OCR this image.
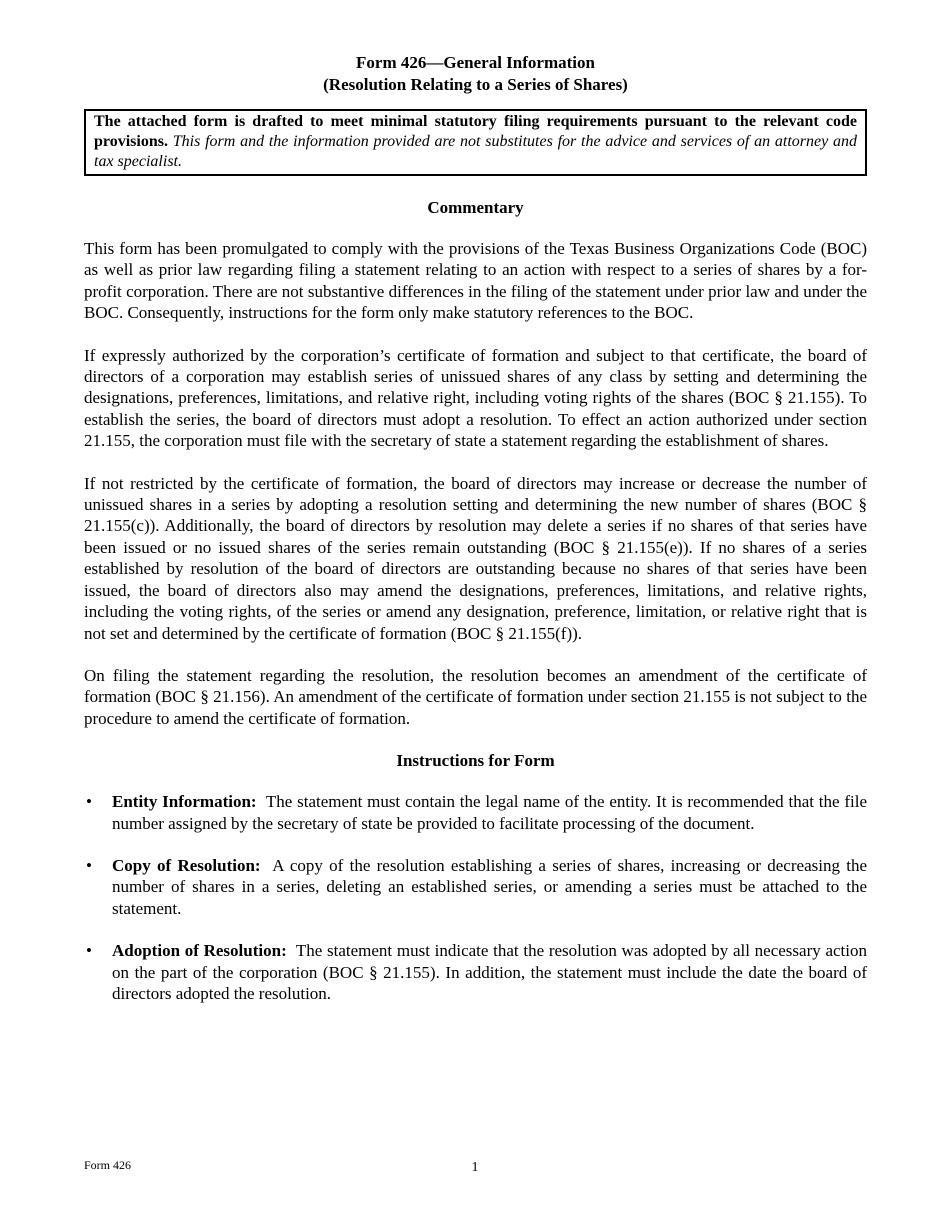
Form 426—General Information

(Resolution Relating to a Series of Shares)

The attached form is drafted to meet minimal statutory filing requirements pursuant to the relevant code provisions. This form and the information provided are not substitutes for the advice and services of an attorney and tax specialist.
Commentary

This form has been promulgated to comply with the provisions of the Texas Business Organizations Code (BOC) as well as prior law regarding filing a statement relating to an action with respect to a series of shares by a for-profit corporation. There are not substantive differences in the filing of the statement under prior law and under the BOC. Consequently, instructions for the form only make statutory references to the BOC.

If expressly authorized by the corporation’s certificate of formation and subject to that certificate, the board of directors of a corporation may establish series of unissued shares of any class by setting and determining the designations, preferences, limitations, and relative right, including voting rights of the shares (BOC § 21.155). To establish the series, the board of directors must adopt a resolution. To effect an action authorized under section 21.155, the corporation must file with the secretary of state a statement regarding the establishment of shares.

If not restricted by the certificate of formation, the board of directors may increase or decrease the number of unissued shares in a series by adopting a resolution setting and determining the new number of shares (BOC § 21.155(c)). Additionally, the board of directors by resolution may delete a series if no shares of that series have been issued or no issued shares of the series remain outstanding (BOC § 21.155(e)). If no shares of a series established by resolution of the board of directors are outstanding because no shares of that series have been issued, the board of directors also may amend the designations, preferences, limitations, and relative rights, including the voting rights, of the series or amend any designation, preference, limitation, or relative right that is not set and determined by the certificate of formation (BOC § 21.155(f)).

On filing the statement regarding the resolution, the resolution becomes an amendment of the certificate of formation (BOC § 21.156). An amendment of the certificate of formation under section 21.155 is not subject to the procedure to amend the certificate of formation.

Instructions for Form
• Entity Information: The statement must contain the legal name of the entity. It is recommended that the file number assigned by the secretary of state be provided to facilitate processing of the document.
• Copy of Resolution: A copy of the resolution establishing a series of shares, increasing or decreasing the number of shares in a series, deleting an established series, or amending a series must be attached to the statement.
• Adoption of Resolution: The statement must indicate that the resolution was adopted by all necessary action on the part of the corporation (BOC § 21.155). In addition, the statement must include the date the board of directors adopted the resolution.
Form 426	1
